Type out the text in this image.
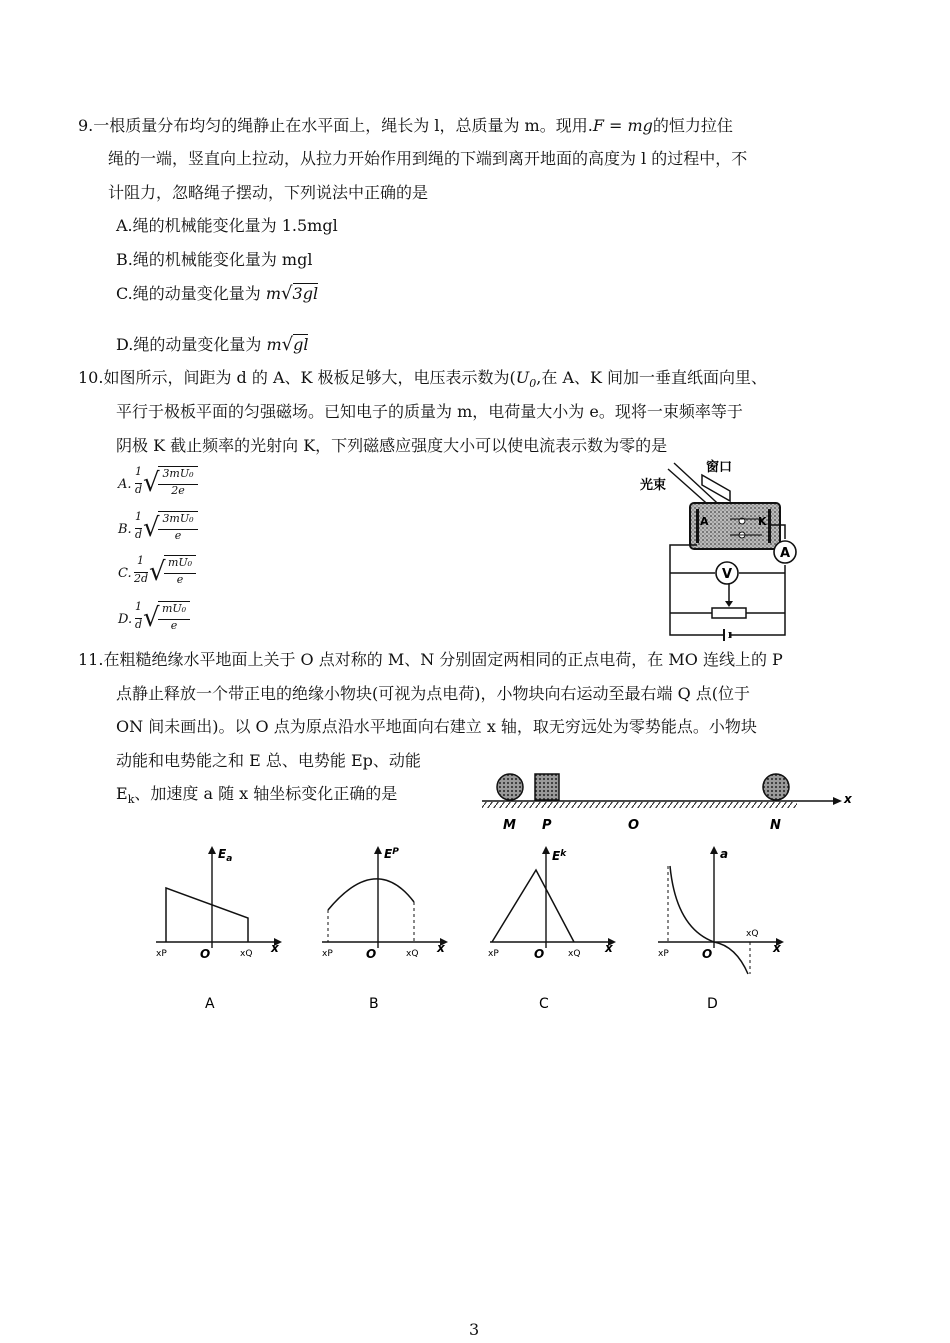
9.一根质量分布均匀的绳静止在水平面上，绳长为 l，总质量为 m。现用.F = mg的恒力拉住
绳的一端，竖直向上拉动，从拉力开始作用到绳的下端到离开地面的高度为 l 的过程中，不
计阻力，忽略绳子摆动，下列说法中正确的是
A.绳的机械能变化量为 1.5mgl
B.绳的机械能变化量为 mgl
C.绳的动量变化量为 m√3gl
D.绳的动量变化量为 m√gl
10.如图所示，间距为 d 的 A、K 极板足够大，电压表示数为($U_0$,在 A、K 间加一垂直纸面向里、
平行于极板平面的匀强磁场。已知电子的质量为 m，电荷量大小为 e。现将一束频率等于
阴极 K 截止频率的光射向 K，下列磁感应强度大小可以使电流表示数为零的是
A.
1
d √ 3mU₀
2e
B.
1
d √ 3mU₀
e
C.
1
2d √ mU₀
e
D.
1
d √ mU₀
e
A	K
光束
窗口
A
V
11.在粗糙绝缘水平地面上关于 O 点对称的 M、N 分别固定两相同的正点电荷，在 MO 连线上的 P
点静止释放一个带正电的绝缘小物块(可视为点电荷)，小物块向右运动至最右端 Q 点(位于
ON 间未画出)。以 O 点为原点沿水平地面向右建立 x 轴，取无穷远处为零势能点。小物块
动能和电势能之和 E 总、电势能 Ep、动能
$E_k$、加速度 a 随 x 轴坐标变化正确的是	x
M P	O	N
$E_a$
xP	O	xQ x
A
$E^P$
xP	O	xQ x
B
$E^k$
xP	O	xQ x
C
a
xP	O
xQ
x
D
3
